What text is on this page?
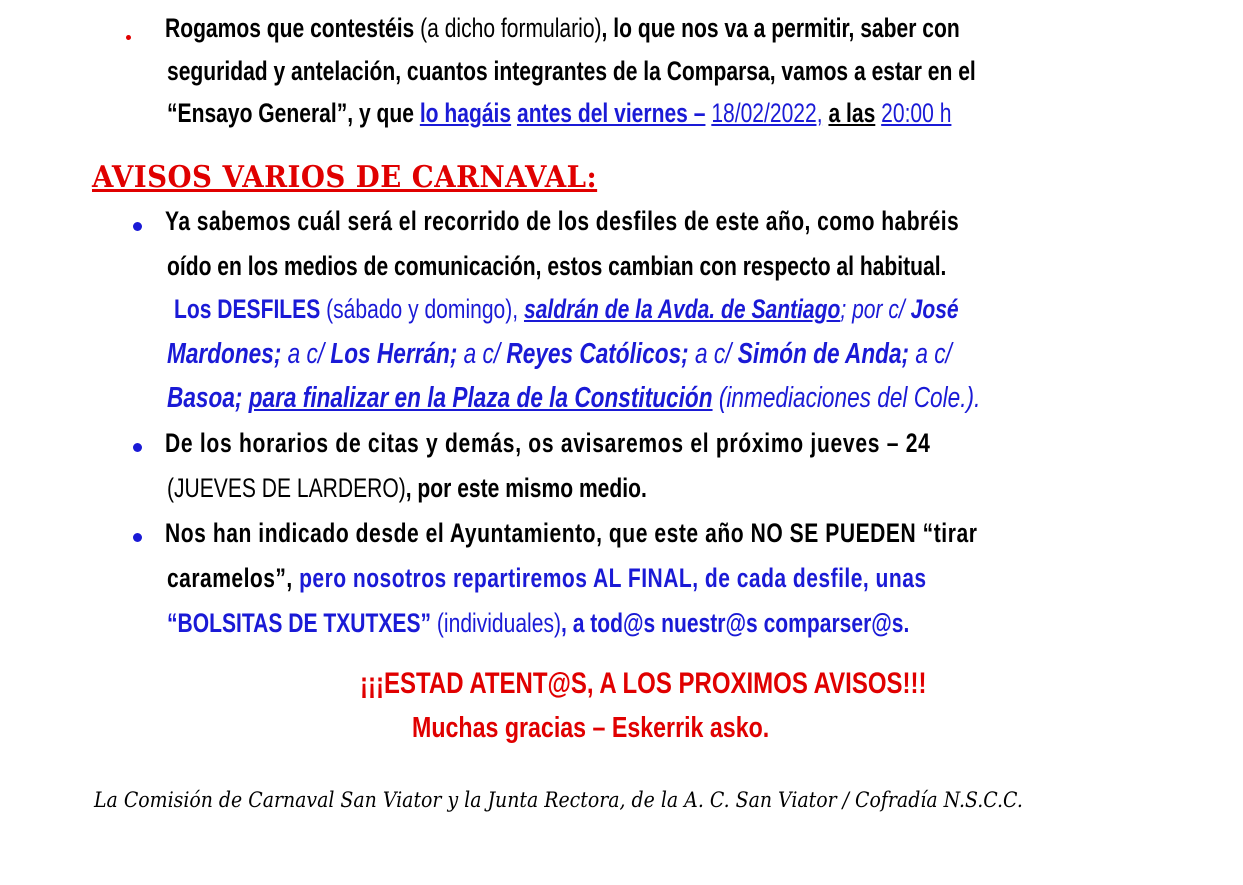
Rogamos que contestéis (a dicho formulario), lo que nos va a permitir, saber con
seguridad y antelación, cuantos integrantes de la Comparsa, vamos a estar en el
“Ensayo General”, y que lo hagáis antes del viernes – 18/02/2022, a las 20:00 h
AVISOS VARIOS DE CARNAVAL:
Ya sabemos cuál será el recorrido de los desfiles de este año, como habréis
oído en los medios de comunicación, estos cambian con respecto al habitual.
Los DESFILES (sábado y domingo), saldrán de la Avda. de Santiago; por c/ José
Mardones; a c/ Los Herrán; a c/ Reyes Católicos; a c/ Simón de Anda; a c/
Basoa; para finalizar en la Plaza de la Constitución (inmediaciones del Cole.).
De los horarios de citas y demás, os avisaremos el próximo jueves – 24
(JUEVES DE LARDERO), por este mismo medio.
Nos han indicado desde el Ayuntamiento, que este año NO SE PUEDEN “tirar
caramelos”, pero nosotros repartiremos AL FINAL, de cada desfile, unas
“BOLSITAS DE TXUTXES” (individuales), a tod@s nuestr@s comparser@s.
¡¡¡ESTAD ATENT@S, A LOS PROXIMOS AVISOS!!!
Muchas gracias – Eskerrik asko.
La Comisión de Carnaval San Viator y la Junta Rectora, de la A. C. San Viator / Cofradía N.S.C.C.
